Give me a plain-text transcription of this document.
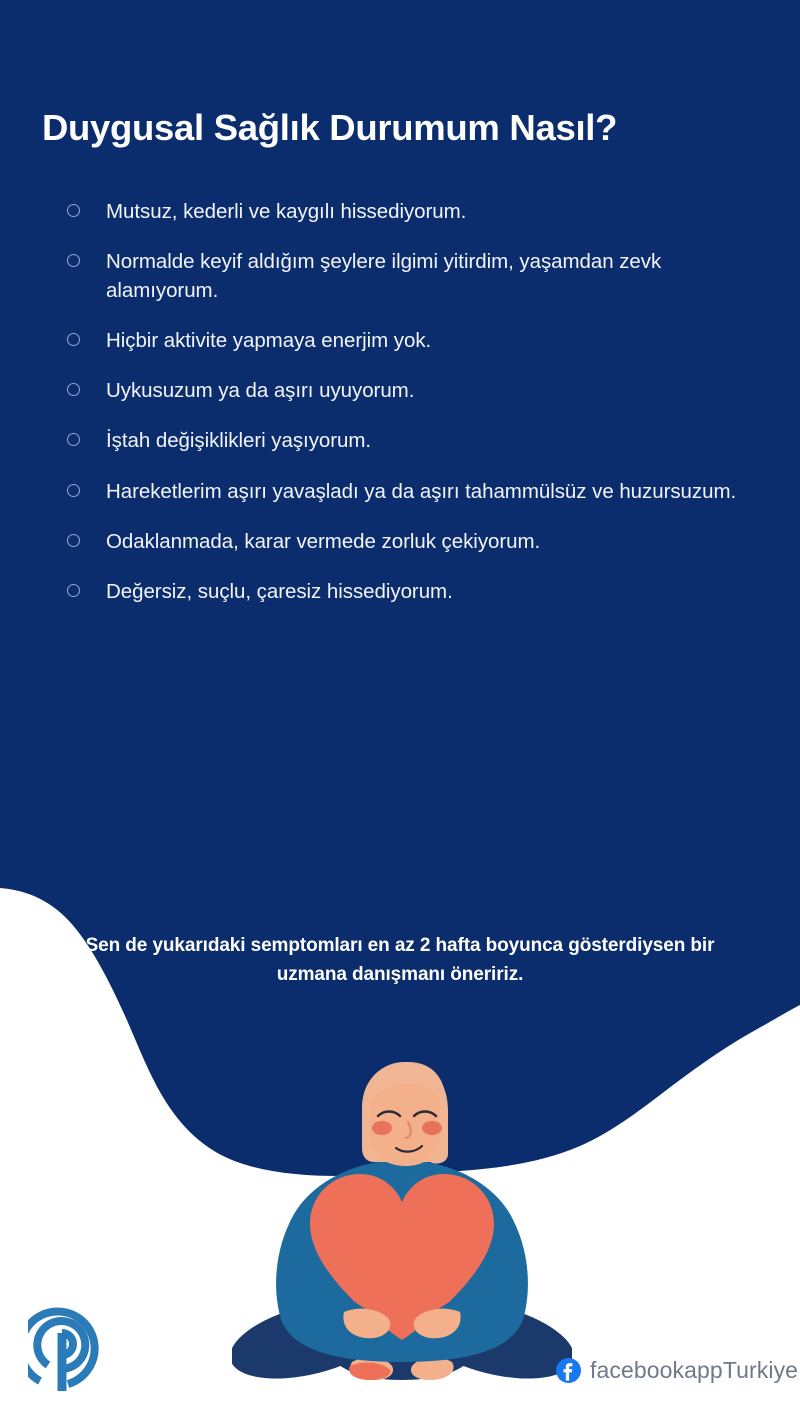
Duygusal Sağlık Durumum Nasıl?
Mutsuz, kederli ve kaygılı hissediyorum.
Normalde keyif aldığım şeylere ilgimi yitirdim, yaşamdan zevk alamıyorum.
Hiçbir aktivite yapmaya enerjim yok.
Uykusuzum ya da aşırı uyuyorum.
İştah değişiklikleri yaşıyorum.
Hareketlerim aşırı yavaşladı ya da aşırı tahammülsüz ve huzursuzum.
Odaklanmada, karar vermede zorluk çekiyorum.
Değersiz, suçlu, çaresiz hissediyorum.

Sen de yukarıdaki semptomları en az 2 hafta boyunca gösterdiysen bir uzmana danışmanı öneririz.

facebookappTurkiye
